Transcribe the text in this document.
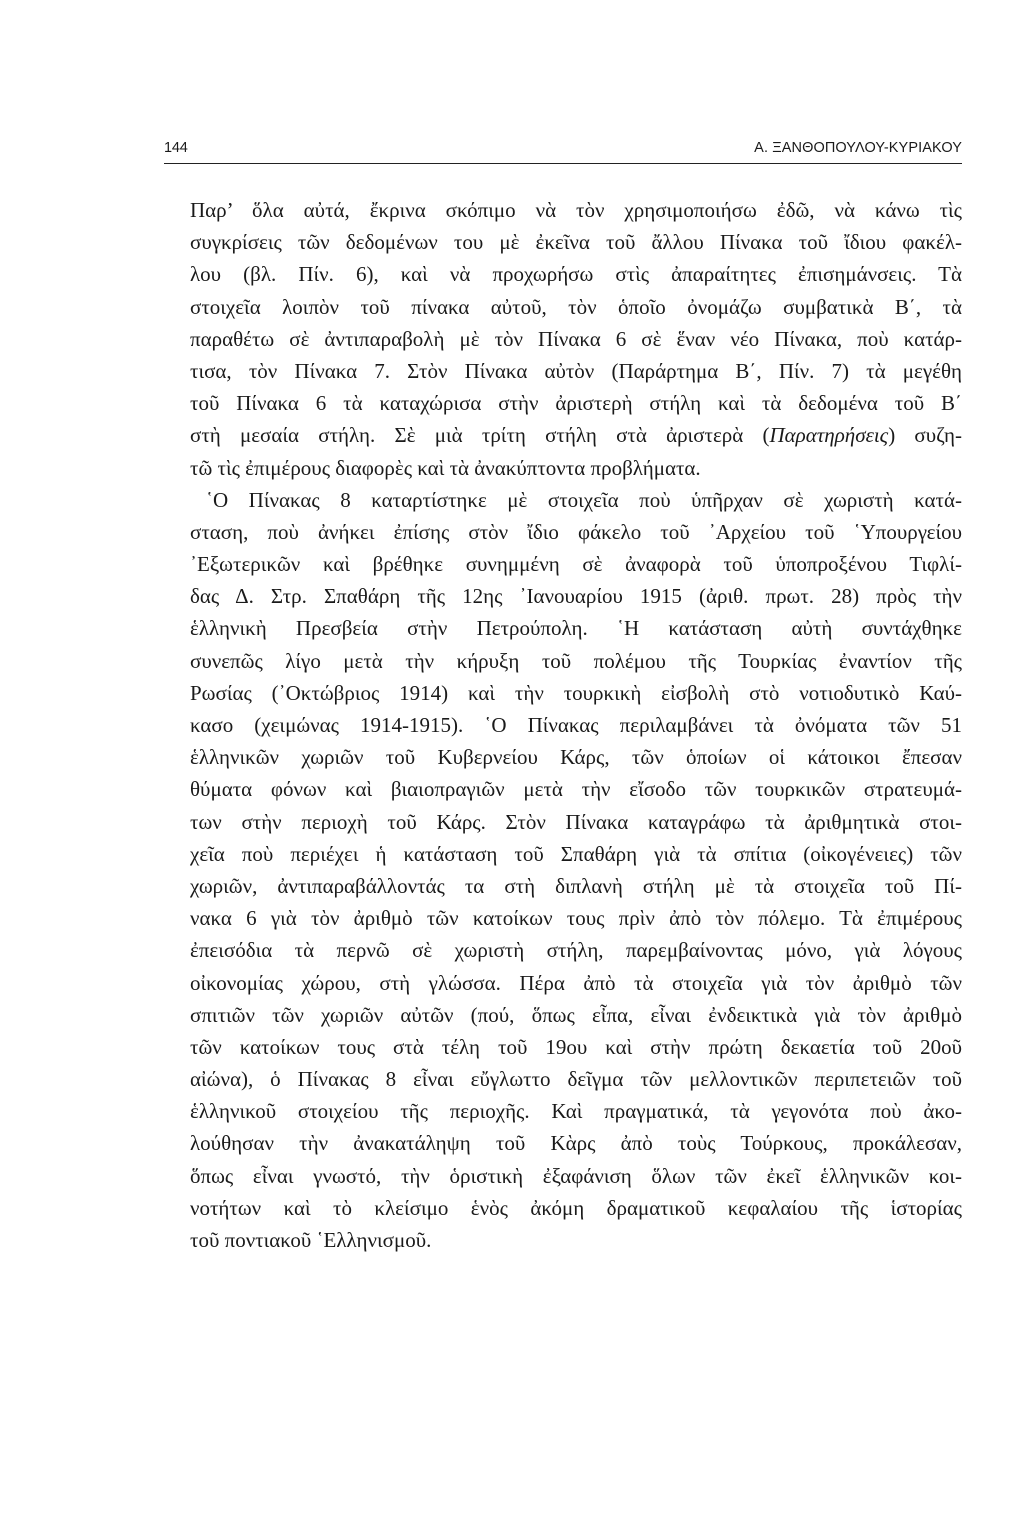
144	Α. ΞΑΝΘΟΠΟΥΛΟΥ-ΚΥΡΙΑΚΟΥ
Παρ’ ὅλα αὐτά, ἔκρινα σκόπιμο νὰ τὸν χρησιμοποιήσω ἐδῶ, νὰ κάνω τὶς
συγκρίσεις τῶν δεδομένων του μὲ ἐκεῖνα τοῦ ἄλλου Πίνακα τοῦ ἴδιου φακέλ-
λου (βλ. Πίν. 6), καὶ νὰ προχωρήσω στὶς ἀπαραίτητες ἐπισημάνσεις. Τὰ
στοιχεῖα λοιπὸν τοῦ πίνακα αὐτοῦ, τὸν ὁποῖο ὀνομάζω συμβατικὰ Β΄, τὰ
παραθέτω σὲ ἀντιπαραβολὴ μὲ τὸν Πίνακα 6 σὲ ἕναν νέο Πίνακα, ποὺ κατάρ-
τισα, τὸν Πίνακα 7. Στὸν Πίνακα αὐτὸν (Παράρτημα Β΄, Πίν. 7) τὰ μεγέθη
τοῦ Πίνακα 6 τὰ καταχώρισα στὴν ἀριστερὴ στήλη καὶ τὰ δεδομένα τοῦ Β΄
στὴ μεσαία στήλη. Σὲ μιὰ τρίτη στήλη στὰ ἀριστερὰ (Παρατηρήσεις) συζη-
τῶ τὶς ἐπιμέρους διαφορὲς καὶ τὰ ἀνακύπτοντα προβλήματα.
῾Ο Πίνακας 8 καταρτίστηκε μὲ στοιχεῖα ποὺ ὑπῆρχαν σὲ χωριστὴ κατά-
σταση, ποὺ ἀνήκει ἐπίσης στὸν ἴδιο φάκελο τοῦ ᾿Αρχείου τοῦ ῾Υπουργείου
᾿Εξωτερικῶν καὶ βρέθηκε συνημμένη σὲ ἀναφορὰ τοῦ ὑποπροξένου Τιφλί-
δας Δ. Στρ. Σπαθάρη τῆς 12ης ᾿Ιανουαρίου 1915 (ἀριθ. πρωτ. 28) πρὸς τὴν
ἑλληνικὴ Πρεσβεία στὴν Πετρούπολη. ῾Η κατάσταση αὐτὴ συντάχθηκε
συνεπῶς λίγο μετὰ τὴν κήρυξη τοῦ πολέμου τῆς Τουρκίας ἐναντίον τῆς
Ρωσίας (᾿Οκτώβριος 1914) καὶ τὴν τουρκικὴ εἰσβολὴ στὸ νοτιοδυτικὸ Καύ-
κασο (χειμώνας 1914-1915). ῾Ο Πίνακας περιλαμβάνει τὰ ὀνόματα τῶν 51
ἑλληνικῶν χωριῶν τοῦ Κυβερνείου Κάρς, τῶν ὁποίων οἱ κάτοικοι ἔπεσαν
θύματα φόνων καὶ βιαιοπραγιῶν μετὰ τὴν εἴσοδο τῶν τουρκικῶν στρατευμά-
των στὴν περιοχὴ τοῦ Κάρς. Στὸν Πίνακα καταγράφω τὰ ἀριθμητικὰ στοι-
χεῖα ποὺ περιέχει ἡ κατάσταση τοῦ Σπαθάρη γιὰ τὰ σπίτια (οἰκογένειες) τῶν
χωριῶν, ἀντιπαραβάλλοντάς τα στὴ διπλανὴ στήλη μὲ τὰ στοιχεῖα τοῦ Πί-
νακα 6 γιὰ τὸν ἀριθμὸ τῶν κατοίκων τους πρὶν ἀπὸ τὸν πόλεμο. Τὰ ἐπιμέρους
ἐπεισόδια τὰ περνῶ σὲ χωριστὴ στήλη, παρεμβαίνοντας μόνο, γιὰ λόγους
οἰκονομίας χώρου, στὴ γλώσσα. Πέρα ἀπὸ τὰ στοιχεῖα γιὰ τὸν ἀριθμὸ τῶν
σπιτιῶν τῶν χωριῶν αὐτῶν (πού, ὅπως εἶπα, εἶναι ἐνδεικτικὰ γιὰ τὸν ἀριθμὸ
τῶν κατοίκων τους στὰ τέλη τοῦ 19ου καὶ στὴν πρώτη δεκαετία τοῦ 20οῦ
αἰώνα), ὁ Πίνακας 8 εἶναι εὔγλωττο δεῖγμα τῶν μελλοντικῶν περιπετειῶν τοῦ
ἑλληνικοῦ στοιχείου τῆς περιοχῆς. Καὶ πραγματικά, τὰ γεγονότα ποὺ ἀκο-
λούθησαν τὴν ἀνακατάληψη τοῦ Κὰρς ἀπὸ τοὺς Τούρκους, προκάλεσαν,
ὅπως εἶναι γνωστό, τὴν ὁριστικὴ ἐξαφάνιση ὅλων τῶν ἐκεῖ ἑλληνικῶν κοι-
νοτήτων καὶ τὸ κλείσιμο ἑνὸς ἀκόμη δραματικοῦ κεφαλαίου τῆς ἱστορίας
τοῦ ποντιακοῦ ῾Ελληνισμοῦ.
